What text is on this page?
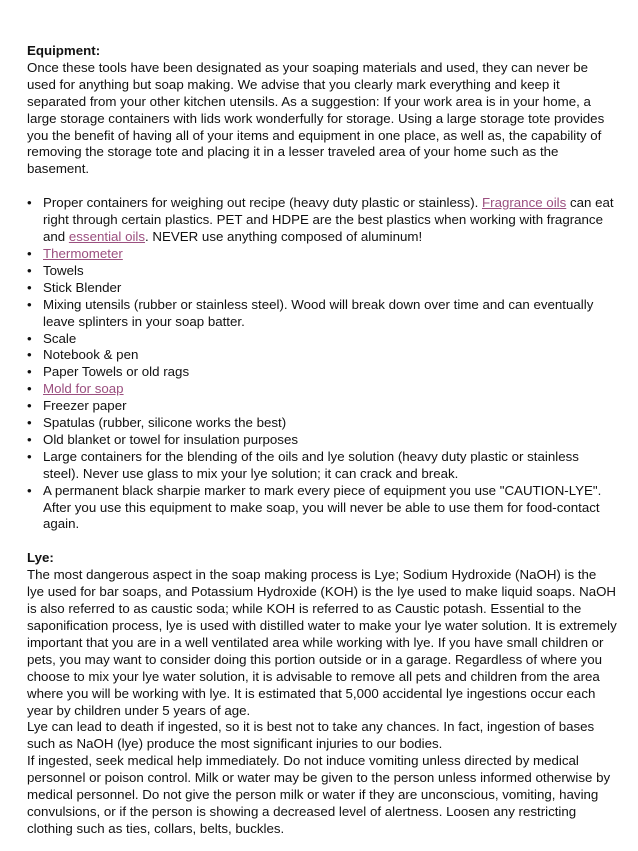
Equipment:

Once these tools have been designated as your soaping materials and used, they can never be used for anything but soap making. We advise that you clearly mark everything and keep it separated from your other kitchen utensils. As a suggestion: If your work area is in your home, a large storage containers with lids work wonderfully for storage. Using a large storage tote provides you the benefit of having all of your items and equipment in one place, as well as, the capability of removing the storage tote and placing it in a lesser traveled area of your home such as the basement.

• Proper containers for weighing out recipe (heavy duty plastic or stainless). Fragrance oils can eat right through certain plastics. PET and HDPE are the best plastics when working with fragrance and essential oils. NEVER use anything composed of aluminum!
• Thermometer
• Towels
• Stick Blender
• Mixing utensils (rubber or stainless steel). Wood will break down over time and can eventually leave splinters in your soap batter.
• Scale
• Notebook & pen
• Paper Towels or old rags
• Mold for soap
• Freezer paper
• Spatulas (rubber, silicone works the best)
• Old blanket or towel for insulation purposes
• Large containers for the blending of the oils and lye solution (heavy duty plastic or stainless steel). Never use glass to mix your lye solution; it can crack and break.
• A permanent black sharpie marker to mark every piece of equipment you use "CAUTION-LYE". After you use this equipment to make soap, you will never be able to use them for food-contact again.
Lye:

The most dangerous aspect in the soap making process is Lye; Sodium Hydroxide (NaOH) is the lye used for bar soaps, and Potassium Hydroxide (KOH) is the lye used to make liquid soaps. NaOH is also referred to as caustic soda; while KOH is referred to as Caustic potash. Essential to the saponification process, lye is used with distilled water to make your lye water solution. It is extremely important that you are in a well ventilated area while working with lye. If you have small children or pets, you may want to consider doing this portion outside or in a garage. Regardless of where you choose to mix your lye water solution, it is advisable to remove all pets and children from the area where you will be working with lye. It is estimated that 5,000 accidental lye ingestions occur each year by children under 5 years of age.

Lye can lead to death if ingested, so it is best not to take any chances. In fact, ingestion of bases such as NaOH (lye) produce the most significant injuries to our bodies.

If ingested, seek medical help immediately. Do not induce vomiting unless directed by medical personnel or poison control. Milk or water may be given to the person unless informed otherwise by medical personnel. Do not give the person milk or water if they are unconscious, vomiting, having convulsions, or if the person is showing a decreased level of alertness. Loosen any restricting clothing such as ties, collars, belts, buckles.
